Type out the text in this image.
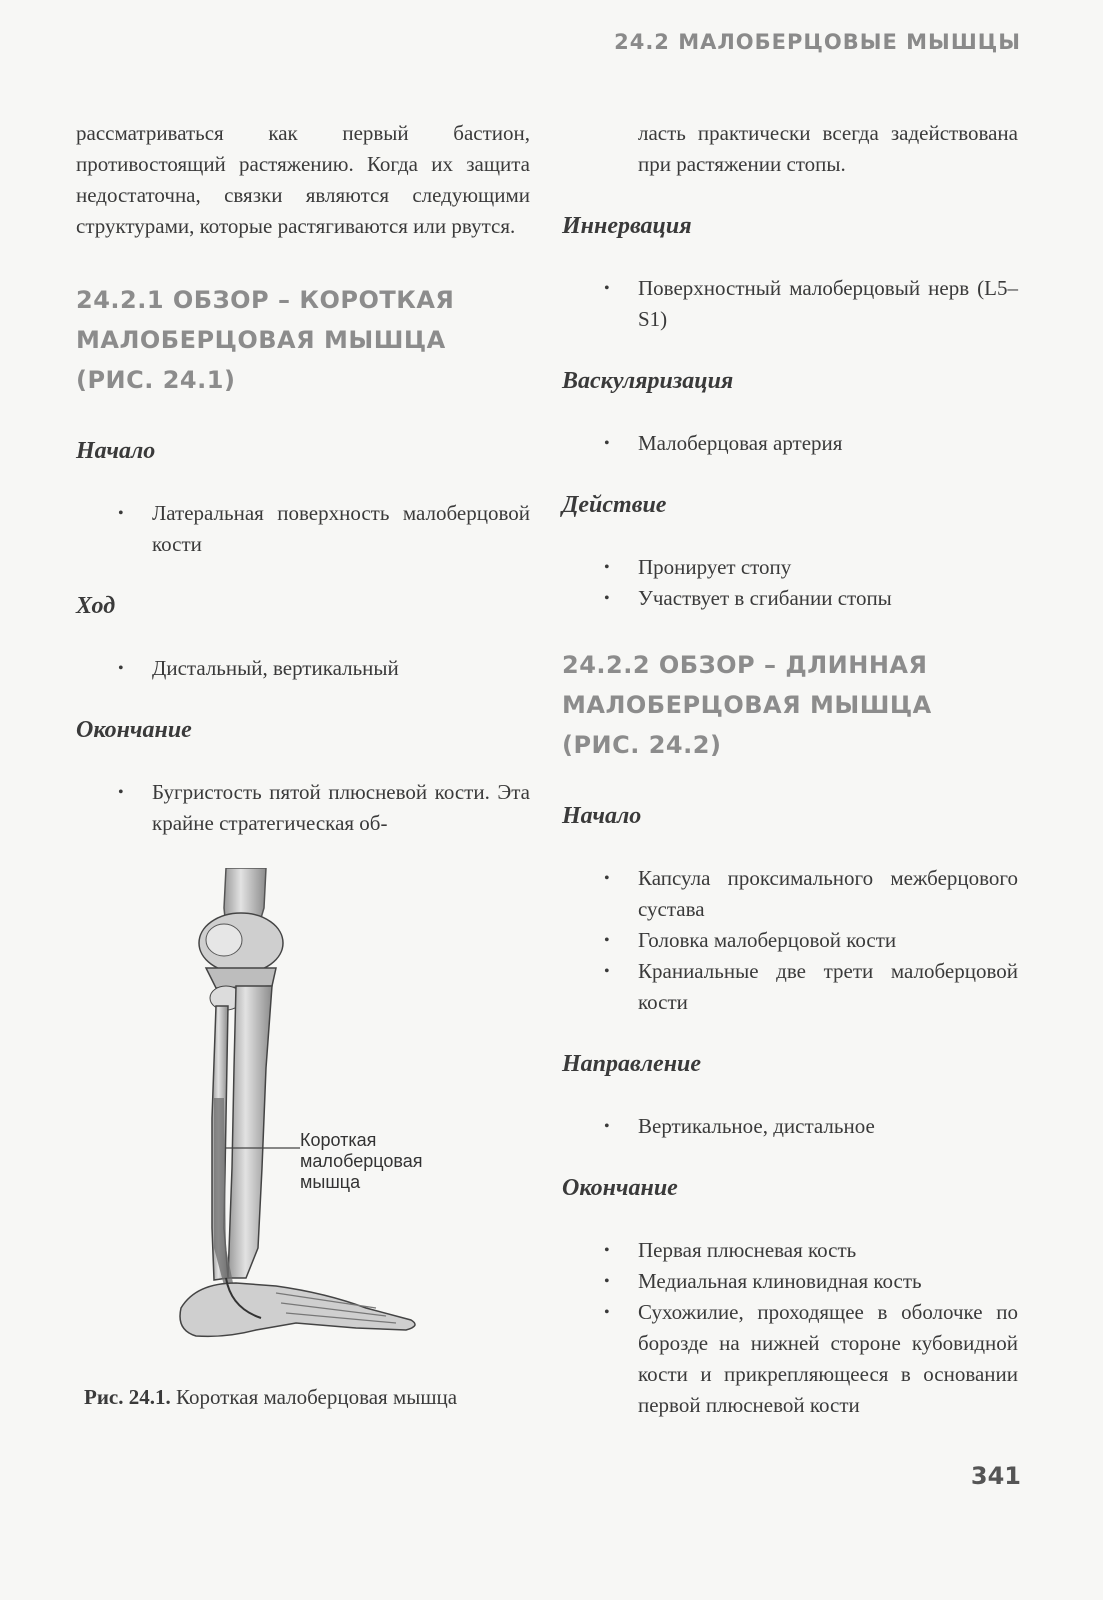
24.2 МАЛОБЕРЦОВЫЕ МЫШЦЫ

рассматриваться как первый бастион, противостоящий растяжению. Когда их защита недостаточна, связки являются следующими структурами, которые растягиваются или рвутся.

24.2.1 ОБЗОР – КОРОТКАЯ МАЛОБЕРЦОВАЯ МЫШЦА (РИС. 24.1)
Начало
• Латеральная поверхность малоберцовой кости
Ход
• Дистальный, вертикальный
Окончание
• Бугристость пятой плюсневой кости. Эта крайне стратегическая об-
Короткая малоберцовая мышца
Рис. 24.1. Короткая малоберцовая мышца
ласть практически всегда задействована при растяжении стопы.
Иннервация
• Поверхностный малоберцовый нерв (L5–S1)
Васкуляризация
• Малоберцовая артерия
Действие
• Пронирует стопу
• Участвует в сгибании стопы
24.2.2 ОБЗОР – ДЛИННАЯ МАЛОБЕРЦОВАЯ МЫШЦА (РИС. 24.2)
Начало
• Капсула проксимального межберцового сустава
• Головка малоберцовой кости
• Краниальные две трети малоберцовой кости
Направление
• Вертикальное, дистальное
Окончание
• Первая плюсневая кость
• Медиальная клиновидная кость
• Сухожилие, проходящее в оболочке по борозде на нижней стороне кубовидной кости и прикрепляющееся в основании первой плюсневой кости
341
